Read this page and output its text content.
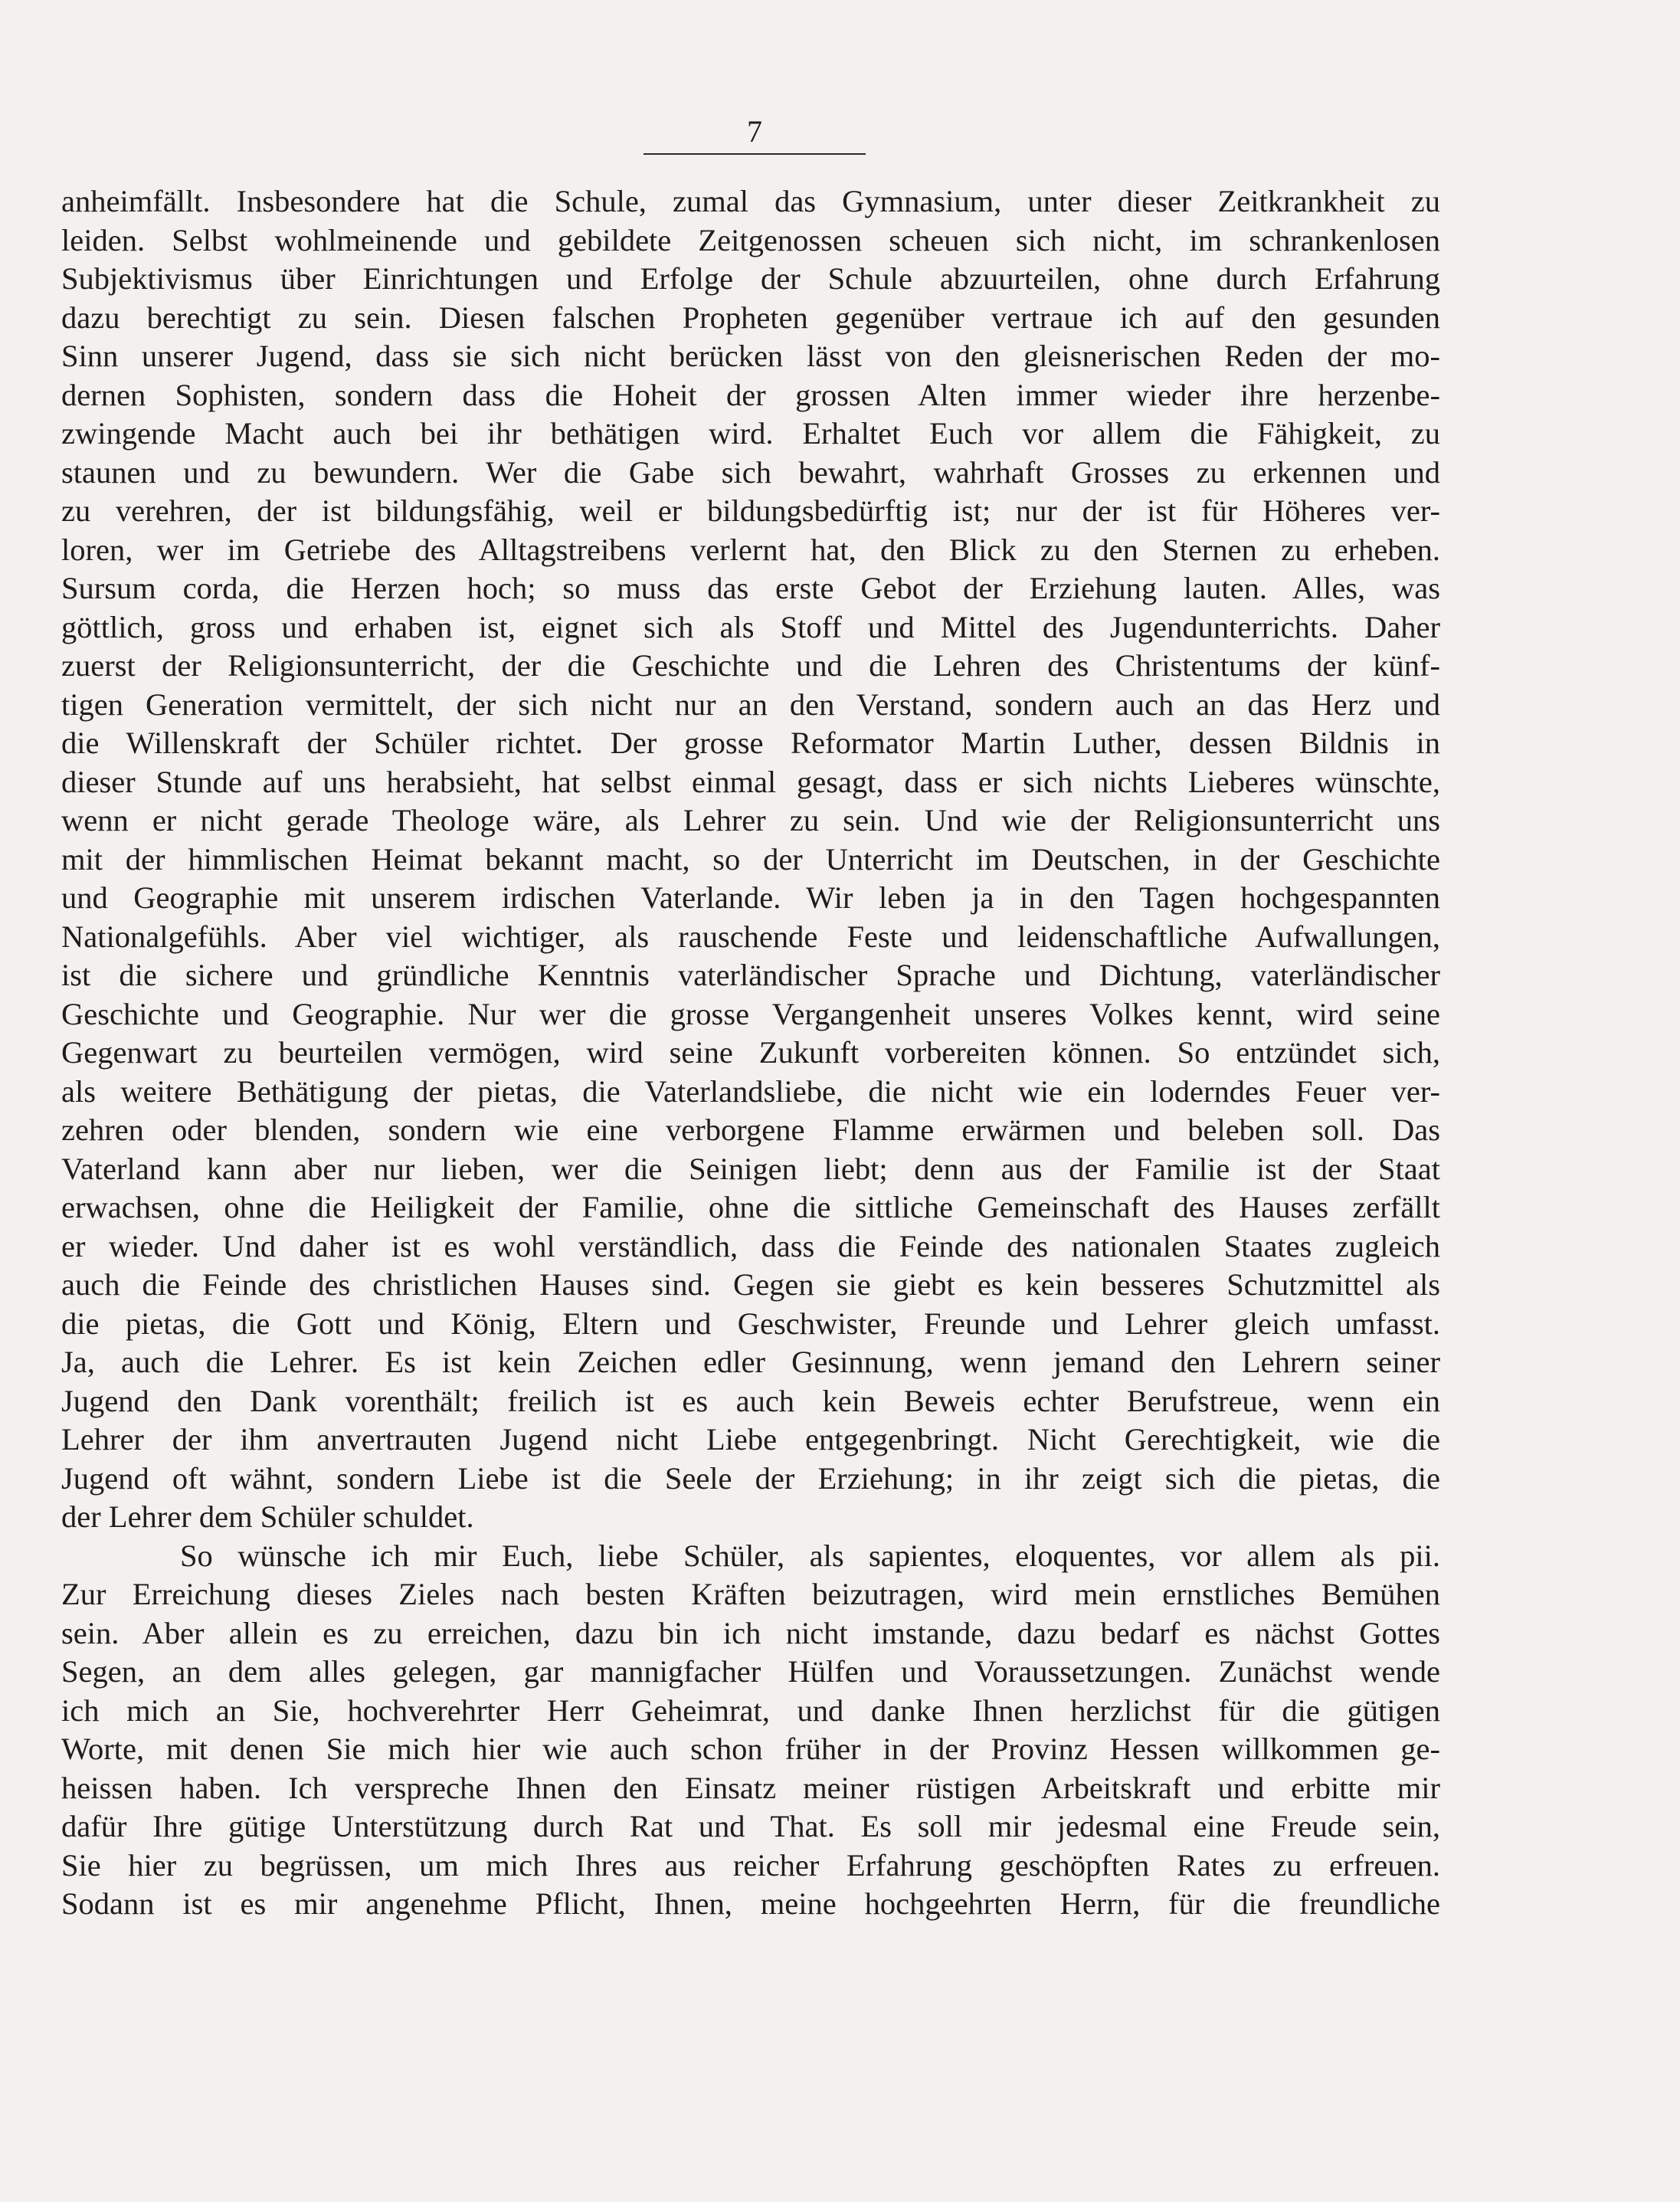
7
anheimfällt. Insbesondere hat die Schule, zumal das Gymnasium, unter dieser Zeitkrankheit zu
leiden. Selbst wohlmeinende und gebildete Zeitgenossen scheuen sich nicht, im schrankenlosen
Subjektivismus über Einrichtungen und Erfolge der Schule abzuurteilen, ohne durch Erfahrung
dazu berechtigt zu sein. Diesen falschen Propheten gegenüber vertraue ich auf den gesunden
Sinn unserer Jugend, dass sie sich nicht berücken lässt von den gleisnerischen Reden der mo-
dernen Sophisten, sondern dass die Hoheit der grossen Alten immer wieder ihre herzenbe-
zwingende Macht auch bei ihr bethätigen wird. Erhaltet Euch vor allem die Fähigkeit, zu
staunen und zu bewundern. Wer die Gabe sich bewahrt, wahrhaft Grosses zu erkennen und
zu verehren, der ist bildungsfähig, weil er bildungsbedürftig ist; nur der ist für Höheres ver-
loren, wer im Getriebe des Alltagstreibens verlernt hat, den Blick zu den Sternen zu erheben.
Sursum corda, die Herzen hoch; so muss das erste Gebot der Erziehung lauten. Alles, was
göttlich, gross und erhaben ist, eignet sich als Stoff und Mittel des Jugendunterrichts. Daher
zuerst der Religionsunterricht, der die Geschichte und die Lehren des Christentums der künf-
tigen Generation vermittelt, der sich nicht nur an den Verstand, sondern auch an das Herz und
die Willenskraft der Schüler richtet. Der grosse Reformator Martin Luther, dessen Bildnis in
dieser Stunde auf uns herabsieht, hat selbst einmal gesagt, dass er sich nichts Lieberes wünschte,
wenn er nicht gerade Theologe wäre, als Lehrer zu sein. Und wie der Religionsunterricht uns
mit der himmlischen Heimat bekannt macht, so der Unterricht im Deutschen, in der Geschichte
und Geographie mit unserem irdischen Vaterlande. Wir leben ja in den Tagen hochgespannten
Nationalgefühls. Aber viel wichtiger, als rauschende Feste und leidenschaftliche Aufwallungen,
ist die sichere und gründliche Kenntnis vaterländischer Sprache und Dichtung, vaterländischer
Geschichte und Geographie. Nur wer die grosse Vergangenheit unseres Volkes kennt, wird seine
Gegenwart zu beurteilen vermögen, wird seine Zukunft vorbereiten können. So entzündet sich,
als weitere Bethätigung der pietas, die Vaterlandsliebe, die nicht wie ein loderndes Feuer ver-
zehren oder blenden, sondern wie eine verborgene Flamme erwärmen und beleben soll. Das
Vaterland kann aber nur lieben, wer die Seinigen liebt; denn aus der Familie ist der Staat
erwachsen, ohne die Heiligkeit der Familie, ohne die sittliche Gemeinschaft des Hauses zerfällt
er wieder. Und daher ist es wohl verständlich, dass die Feinde des nationalen Staates zugleich
auch die Feinde des christlichen Hauses sind. Gegen sie giebt es kein besseres Schutzmittel als
die pietas, die Gott und König, Eltern und Geschwister, Freunde und Lehrer gleich umfasst.
Ja, auch die Lehrer. Es ist kein Zeichen edler Gesinnung, wenn jemand den Lehrern seiner
Jugend den Dank vorenthält; freilich ist es auch kein Beweis echter Berufstreue, wenn ein
Lehrer der ihm anvertrauten Jugend nicht Liebe entgegenbringt. Nicht Gerechtigkeit, wie die
Jugend oft wähnt, sondern Liebe ist die Seele der Erziehung; in ihr zeigt sich die pietas, die
der Lehrer dem Schüler schuldet.
So wünsche ich mir Euch, liebe Schüler, als sapientes, eloquentes, vor allem als pii.
Zur Erreichung dieses Zieles nach besten Kräften beizutragen, wird mein ernstliches Bemühen
sein. Aber allein es zu erreichen, dazu bin ich nicht imstande, dazu bedarf es nächst Gottes
Segen, an dem alles gelegen, gar mannigfacher Hülfen und Voraussetzungen. Zunächst wende
ich mich an Sie, hochverehrter Herr Geheimrat, und danke Ihnen herzlichst für die gütigen
Worte, mit denen Sie mich hier wie auch schon früher in der Provinz Hessen willkommen ge-
heissen haben. Ich verspreche Ihnen den Einsatz meiner rüstigen Arbeitskraft und erbitte mir
dafür Ihre gütige Unterstützung durch Rat und That. Es soll mir jedesmal eine Freude sein,
Sie hier zu begrüssen, um mich Ihres aus reicher Erfahrung geschöpften Rates zu erfreuen.
Sodann ist es mir angenehme Pflicht, Ihnen, meine hochgeehrten Herrn, für die freundliche
